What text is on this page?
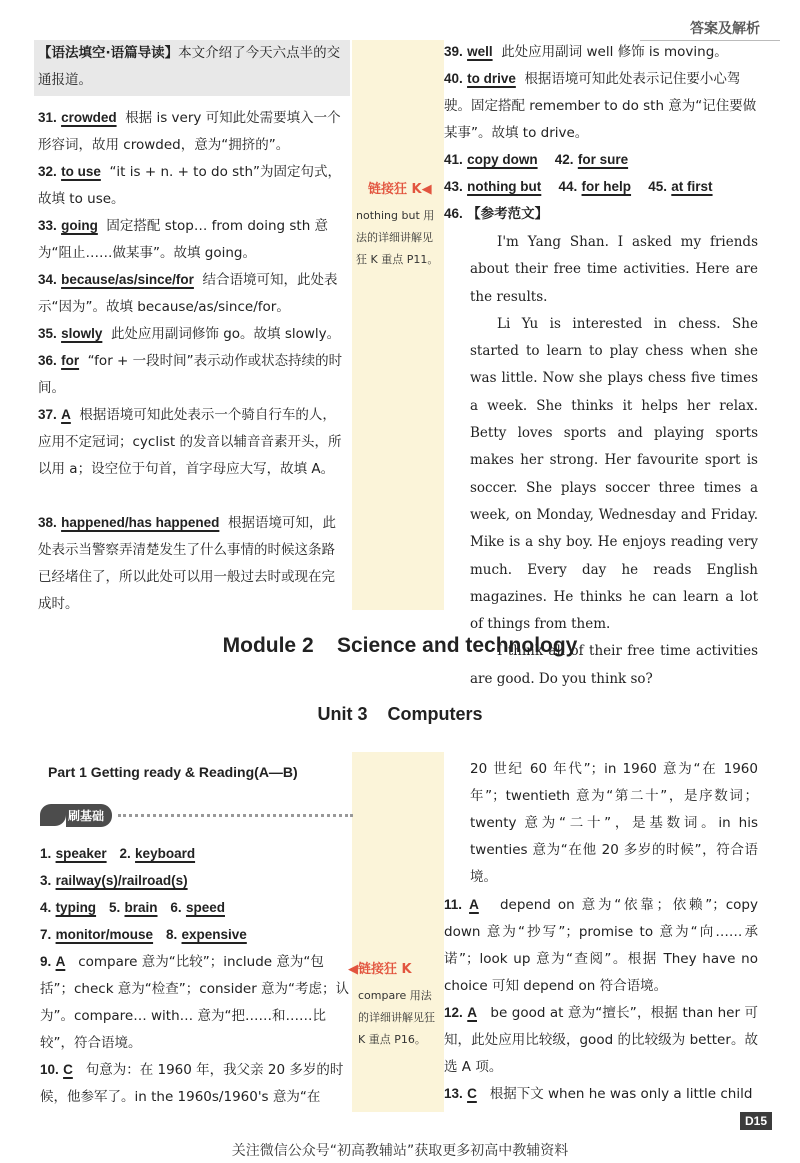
答案及解析
【语法填空·语篇导读】本文介绍了今天六点半的交通报道。
31. crowded 根据 is very 可知此处需要填入一个形容词，故用 crowded，意为“拥挤的”。
32. to use “it is + n. + to do sth”为固定句式，故填 to use。
33. going 固定搭配 stop… from doing sth 意为“阻止……做某事”。故填 going。
34. because/as/since/for 结合语境可知，此处表示“因为”。故填 because/as/since/for。
35. slowly 此处应用副词修饰 go。故填 slowly。
36. for “for + 一段时间”表示动作或状态持续的时间。
37. A 根据语境可知此处表示一个骑自行车的人，应用不定冠词；cyclist 的发音以辅音音素开头，所以用 a；设空位于句首，首字母应大写，故填 A。
38. happened/has happened 根据语境可知，此处表示当警察弄清楚发生了什么事情的时候这条路已经堵住了，所以此处可以用一般过去时或现在完成时。
链接狂 K◀
nothing but 用法的详细讲解见狂 K 重点 P11。
39. well 此处应用副词 well 修饰 is moving。
40. to drive 根据语境可知此处表示记住要小心驾驶。固定搭配 remember to do sth 意为“记住要做某事”。故填 to drive。
41. copy down 42. for sure
43. nothing but 44. for help 45. at first
46. 【参考范文】

I'm Yang Shan. I asked my friends about their free time activities. Here are the results.

Li Yu is interested in chess. She started to learn to play chess when she was little. Now she plays chess five times a week. She thinks it helps her relax. Betty loves sports and playing sports makes her strong. Her favourite sport is soccer. She plays soccer three times a week, on Monday, Wednesday and Friday. Mike is a shy boy. He enjoys reading very much. Every day he reads English magazines. He thinks he can learn a lot of things from them.

I think all of their free time activities are good. Do you think so?

Module 2    Science and technology
Unit 3    Computers
Part 1 Getting ready & Reading(A—B)
刷基础
1. speaker 2. keyboard
3. railway(s)/railroad(s)
4. typing 5. brain 6. speed
7. monitor/mouse 8. expensive
9. A compare 意为“比较”；include 意为“包括”；check 意为“检查”；consider 意为“考虑；认为”。compare… with… 意为“把……和……比较”，符合语境。
10. C 句意为：在 1960 年，我父亲 20 多岁的时候，他参军了。in the 1960s/1960's 意为“在
◀链接狂 K
compare 用法的详细讲解见狂 K 重点 P16。
20 世纪 60 年代”；in 1960 意为“在 1960 年”；twentieth 意为“第二十”，是序数词；twenty 意为“二十”，是基数词。in his twenties 意为“在他 20 多岁的时候”，符合语境。
11. A depend on 意为“依靠；依赖”；copy down 意为“抄写”；promise to 意为“向……承诺”；look up 意为“查阅”。根据 They have no choice 可知 depend on 符合语境。
12. A be good at 意为“擅长”，根据 than her 可知，此处应用比较级，good 的比较级为 better。故选 A 项。
13. C 根据下文 when he was only a little child
D15
关注微信公众号“初高教辅站”获取更多初高中教辅资料
